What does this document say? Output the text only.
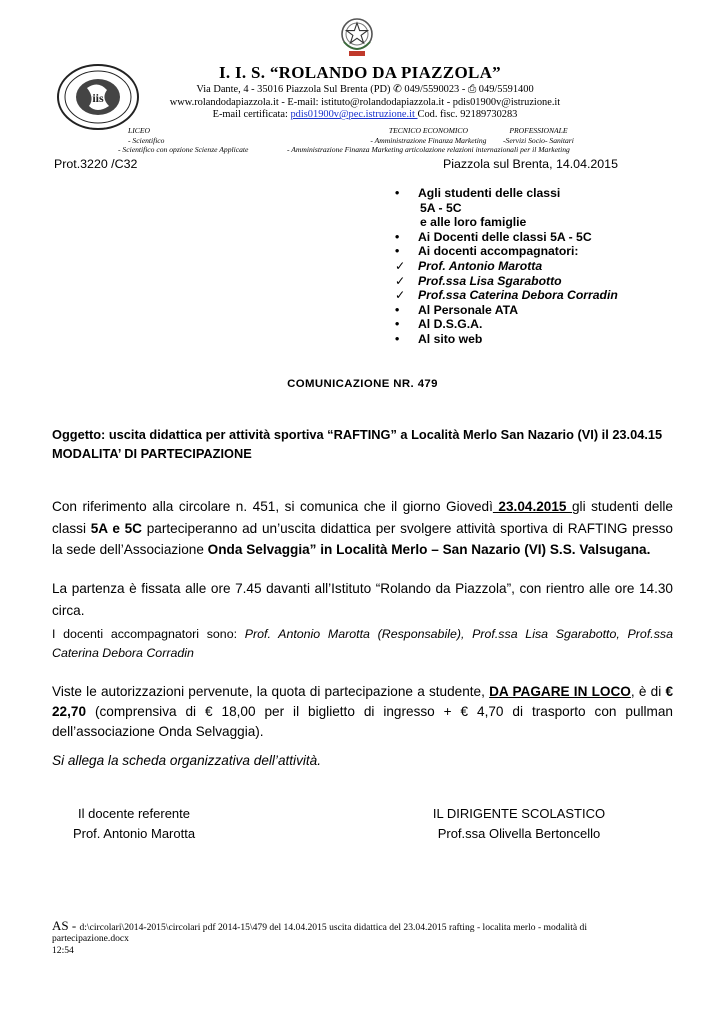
iis
I. I. S. “ROLANDO DA PIAZZOLA”
Via Dante, 4 - 35016 Piazzola Sul Brenta (PD) ✆ 049/5590023 - ⎙ 049/5591400
www.rolandodapiazzola.it - E-mail: istituto@rolandodapiazzola.it - pdis01900v@istruzione.it
E-mail certificata: pdis01900v@pec.istruzione.it Cod. fisc. 92189730283
LICEO
- Scientifico
- Scientifico con opzione Scienze Applicate
TECNICO ECONOMICO
- Amministrazione Finanza Marketing
- Amministrazione Finanza Marketing articolazione relazioni internazionali per il Marketing
PROFESSIONALE
-Servizi Socio- Sanitari
Prot.3220 /C32	Piazzola sul Brenta, 14.04.2015
•	Agli studenti delle classi
5A - 5C
e alle loro famiglie
•	Ai Docenti delle classi 5A - 5C
•	Ai docenti accompagnatori:
✓	Prof. Antonio Marotta
✓	Prof.ssa Lisa Sgarabotto
✓	Prof.ssa Caterina Debora Corradin
•	Al Personale ATA
•	Al D.S.G.A.
•	Al sito web
COMUNICAZIONE NR. 479
Oggetto: uscita didattica per attività sportiva “RAFTING” a Località Merlo San Nazario (VI) il 23.04.15
MODALITA’ DI PARTECIPAZIONE
Con riferimento alla circolare n. 451, si comunica che il giorno Giovedì 23.04.2015 gli studenti delle classi 5A e 5C parteciperanno ad un’uscita didattica per svolgere attività sportiva di RAFTING presso la sede dell’Associazione Onda Selvaggia” in Località Merlo – San Nazario (VI) S.S. Valsugana.
La partenza è fissata alle ore 7.45 davanti all’Istituto “Rolando da Piazzola”, con rientro alle ore 14.30 circa.
I docenti accompagnatori sono: Prof. Antonio Marotta (Responsabile), Prof.ssa Lisa Sgarabotto, Prof.ssa Caterina Debora Corradin
Viste le autorizzazioni pervenute, la quota di partecipazione a studente, DA PAGARE IN LOCO, è di € 22,70 (comprensiva di € 18,00 per il biglietto di ingresso + € 4,70 di trasporto con pullman dell’associazione Onda Selvaggia).
Si allega la scheda organizzativa dell’attività.
Il docente referente
Prof. Antonio Marotta
IL DIRIGENTE SCOLASTICO
Prof.ssa Olivella Bertoncello
AS - d:\circolari\2014-2015\circolari pdf 2014-15\479 del 14.04.2015 uscita didattica del 23.04.2015 rafting - localita merlo - modalità di partecipazione.docx
12:54
